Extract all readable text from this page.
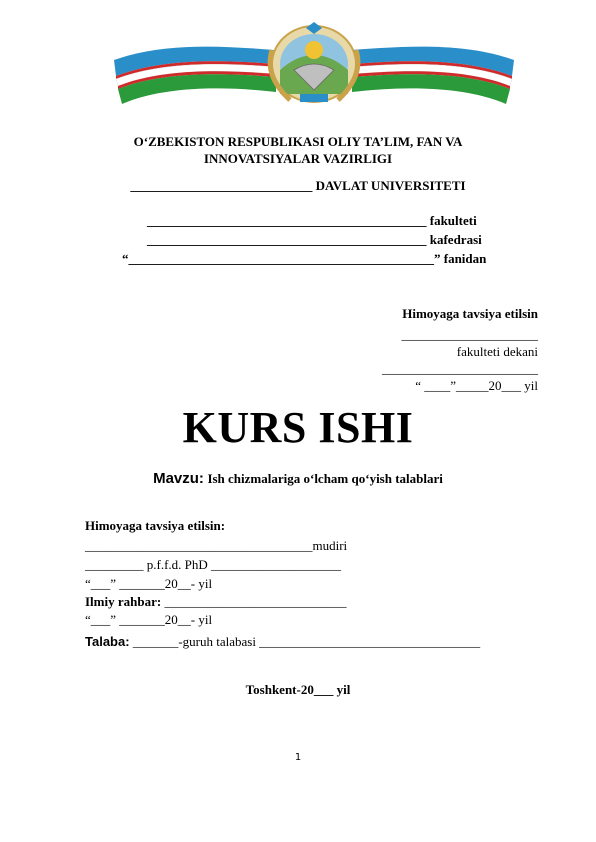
O‘ZBEKISTON RESPUBLIKASI OLIY TA’LIM, FAN VA
INNOVATSIYALAR VAZIRLIGI
____________________________ DAVLAT UNIVERSITETI
___________________________________________ fakulteti
___________________________________________ kafedrasi
“_______________________________________________” fanidan
Himoyaga tavsiya etilsin
_____________________
fakulteti dekani
________________________
“ ____”_____20___ yil
KURS ISHI
Mavzu: Ish chizmalariga o‘lcham qo‘yish talablari
Himoyaga tavsiya etilsin:
___________________________________mudiri
_________ p.f.f.d. PhD ____________________
“___” _______20__- yil
Ilmiy rahbar: ____________________________
“___” _______20__- yil
Talaba: _______-guruh talabasi __________________________________
Toshkent-20___ yil
1
